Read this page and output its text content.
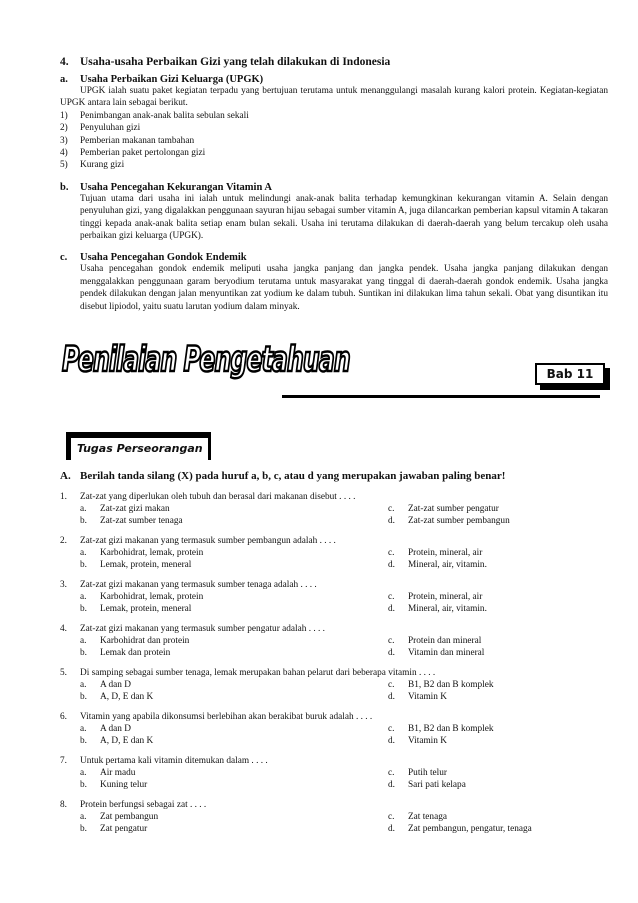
4. Usaha-usaha Perbaikan Gizi yang telah dilakukan di Indonesia

a. Usaha Perbaikan Gizi Keluarga (UPGK)

UPGK ialah suatu paket kegiatan terpadu yang bertujuan terutama untuk menanggulangi masalah kurang kalori protein. Kegiatan-kegiatan UPGK antara lain sebagai berikut.

1) Penimbangan anak-anak balita sebulan sekali
2) Penyuluhan gizi
3) Pemberian makanan tambahan
4) Pemberian paket pertolongan gizi
5) Kurang gizi

b. Usaha Pencegahan Kekurangan Vitamin A

Tujuan utama dari usaha ini ialah untuk melindungi anak-anak balita terhadap kemungkinan kekurangan vitamin A. Selain dengan penyuluhan gizi, yang digalakkan penggunaan sayuran hijau sebagai sumber vitamin A, juga dilancarkan pemberian kapsul vitamin A takaran tinggi kepada anak-anak balita setiap enam bulan sekali. Usaha ini terutama dilakukan di daerah-daerah yang belum tercakup oleh usaha perbaikan gizi keluarga (UPGK).

c. Usaha Pencegahan Gondok Endemik

Usaha pencegahan gondok endemik meliputi usaha jangka panjang dan jangka pendek. Usaha jangka panjang dilakukan dengan menggalakkan penggunaan garam beryodium terutama untuk masyarakat yang tinggal di daerah-daerah gondok endemik. Usaha jangka pendek dilakukan dengan jalan menyuntikan zat yodium ke dalam tubuh. Suntikan ini dilakukan lima tahun sekali. Obat yang disuntikan itu disebut lipiodol, yaitu suatu larutan yodium dalam minyak.

Penilaian Pengetahuan	Bab 11
Tugas Perseorangan

A. Berilah tanda silang (X) pada huruf a, b, c, atau d yang merupakan jawaban paling benar!

1. Zat-zat yang diperlukan oleh tubuh dan berasal dari makanan disebut . . . .
a.	Zat-zat gizi makan	c.	Zat-zat sumber pengatur
b.	Zat-zat sumber tenaga	d.	Zat-zat sumber pembangun
2. Zat-zat gizi makanan yang termasuk sumber pembangun adalah . . . .
a.	Karbohidrat, lemak, protein	c.	Protein, mineral, air
b.	Lemak, protein, meneral	d.	Mineral, air, vitamin.
3. Zat-zat gizi makanan yang termasuk sumber tenaga adalah . . . .
a.	Karbohidrat, lemak, protein	c.	Protein, mineral, air
b.	Lemak, protein, meneral	d.	Mineral, air, vitamin.
4. Zat-zat gizi makanan yang termasuk sumber pengatur adalah . . . .
a.	Karbohidrat dan protein	c.	Protein dan mineral
b.	Lemak dan protein	d.	Vitamin dan mineral
5. Di samping sebagai sumber tenaga, lemak merupakan bahan pelarut dari beberapa vitamin . . . .
a.	A dan D	c.	B1, B2 dan B komplek
b.	A, D, E dan K	d.	Vitamin K
6. Vitamin yang apabila dikonsumsi berlebihan akan berakibat buruk adalah . . . .
a.	A dan D	c.	B1, B2 dan B komplek
b.	A, D, E dan K	d.	Vitamin K
7. Untuk pertama kali vitamin ditemukan dalam . . . .
a.	Air madu	c.	Putih telur
b.	Kuning telur	d.	Sari pati kelapa
8. Protein berfungsi sebagai zat . . . .
a.	Zat pembangun	c.	Zat tenaga
b.	Zat pengatur	d.	Zat pembangun, pengatur, tenaga
